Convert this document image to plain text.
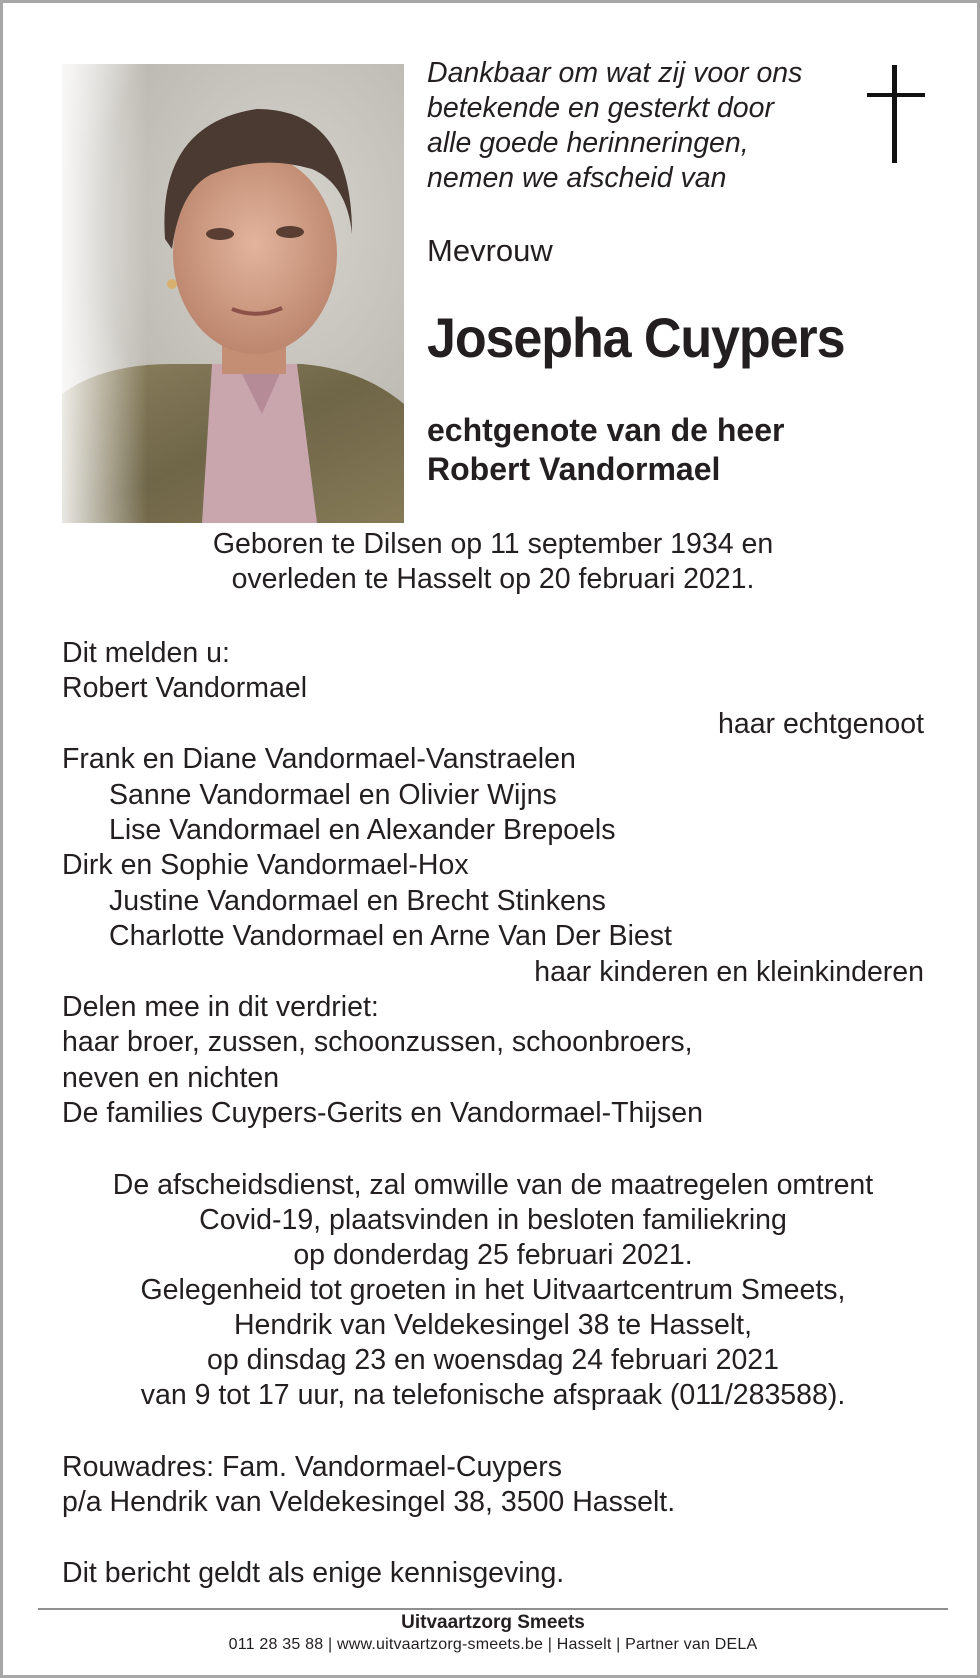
Dankbaar om wat zij voor ons
betekende en gesterkt door
alle goede herinneringen,
nemen we afscheid van

Mevrouw

Josepha Cuypers

echtgenote van de heer
Robert Vandormael

Geboren te Dilsen op 11 september 1934 en
overleden te Hasselt op 20 februari 2021.

Dit melden u:
Robert Vandormael
haar echtgenoot
Frank en Diane Vandormael-Vanstraelen
Sanne Vandormael en Olivier Wijns
Lise Vandormael en Alexander Brepoels
Dirk en Sophie Vandormael-Hox
Justine Vandormael en Brecht Stinkens
Charlotte Vandormael en Arne Van Der Biest
haar kinderen en kleinkinderen
Delen mee in dit verdriet:
haar broer, zussen, schoonzussen, schoonbroers,
neven en nichten
De families Cuypers-Gerits en Vandormael-Thijsen

De afscheidsdienst, zal omwille van de maatregelen omtrent
Covid-19, plaatsvinden in besloten familiekring
op donderdag 25 februari 2021.
Gelegenheid tot groeten in het Uitvaartcentrum Smeets,
Hendrik van Veldekesingel 38 te Hasselt,
op dinsdag 23 en woensdag 24 februari 2021
van 9 tot 17 uur, na telefonische afspraak (011/283588).

Rouwadres: Fam. Vandormael-Cuypers
p/a Hendrik van Veldekesingel 38, 3500 Hasselt.

Dit bericht geldt als enige kennisgeving.

Uitvaartzorg Smeets

011 28 35 88 | www.uitvaartzorg-smeets.be | Hasselt | Partner van DELA
